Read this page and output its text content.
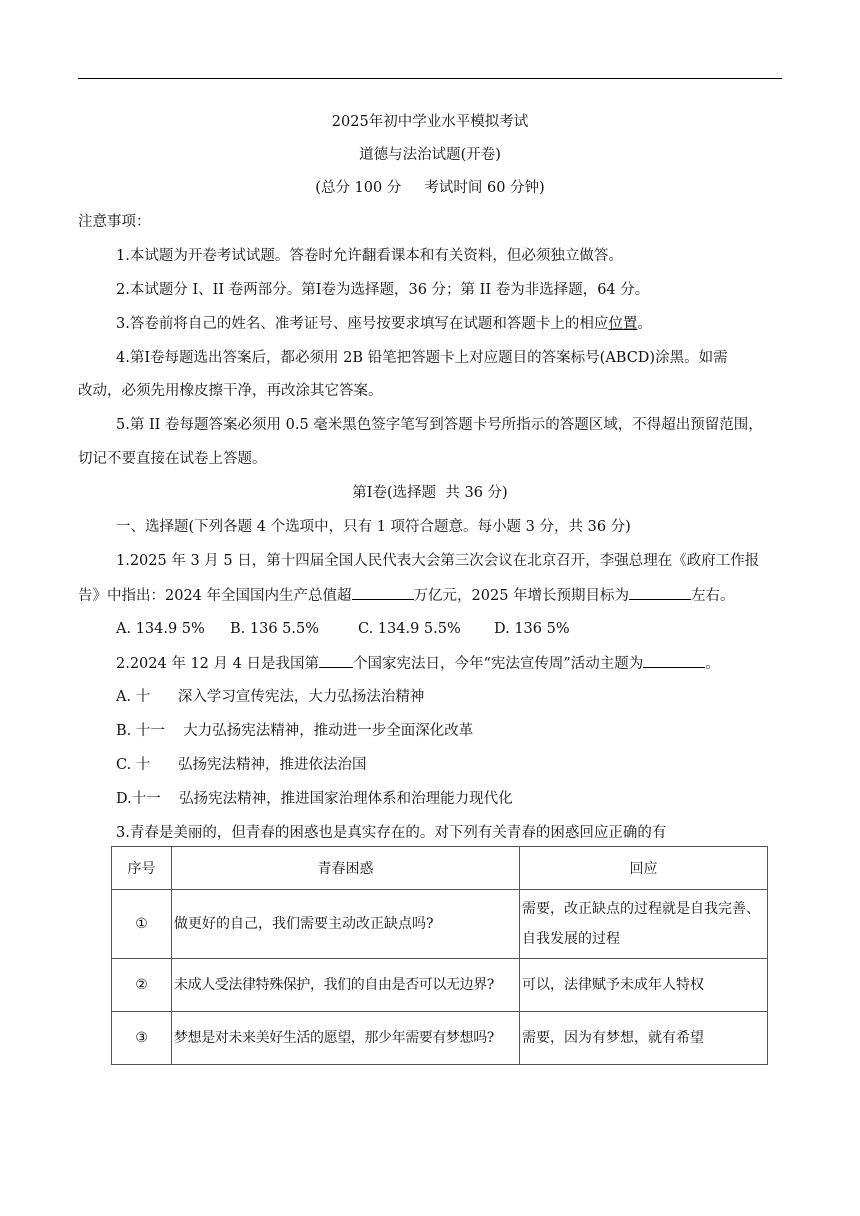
2025年初中学业水平模拟考试
道德与法治试题(开卷)
(总分 100 分     考试时间 60 分钟)
注意事项：
1.本试题为开卷考试试题。答卷时允许翻看课本和有关资料，但必须独立做答。
2.本试题分 I、II 卷两部分。第Ⅰ卷为选择题，36 分；第 II 卷为非选择题，64 分。
3.答卷前将自己的姓名、准考证号、座号按要求填写在试题和答题卡上的相应位置。
4.第Ⅰ卷每题选出答案后，都必须用 2B 铅笔把答题卡上对应题目的答案标号(ABCD)涂黑。如需
改动，必须先用橡皮擦干净，再改涂其它答案。
5.第 II 卷每题答案必须用 0.5 毫米黑色签字笔写到答题卡号所指示的答题区域，不得超出预留范围，
切记不要直接在试卷上答题。
第Ⅰ卷(选择题  共 36 分)
一、选择题(下列各题 4 个选项中，只有 1 项符合题意。每小题 3 分，共 36 分)
1.2025 年 3 月 5 日，第十四届全国人民代表大会第三次会议在北京召开，李强总理在《政府工作报
告》中指出：2024 年全国国内生产总值超	万亿元，2025 年增长预期目标为	左右。
A. 134.9 5% B. 136 5.5%	C. 134.9 5.5% D. 136 5%
2.2024 年 12 月 4 日是我国第 个国家宪法日，今年“宪法宣传周”活动主题为	。
A. 十      深入学习宣传宪法，大力弘扬法治精神
B. 十一    大力弘扬宪法精神，推动进一步全面深化改革
C. 十      弘扬宪法精神，推进依法治国
D.十一    弘扬宪法精神，推进国家治理体系和治理能力现代化
3.青春是美丽的，但青春的困惑也是真实存在的。对下列有关青春的困惑回应正确的有
序号	青春困惑	回应
①	做更好的自己，我们需要主动改正缺点吗?	需要，改正缺点的过程就是自我完善、
自我发展的过程

②	未成人受法律特殊保护，我们的自由是否可以无边界?	可以，法律赋予未成年人特权
③	梦想是对未来美好生活的愿望，那少年需要有梦想吗?	需要，因为有梦想，就有希望
